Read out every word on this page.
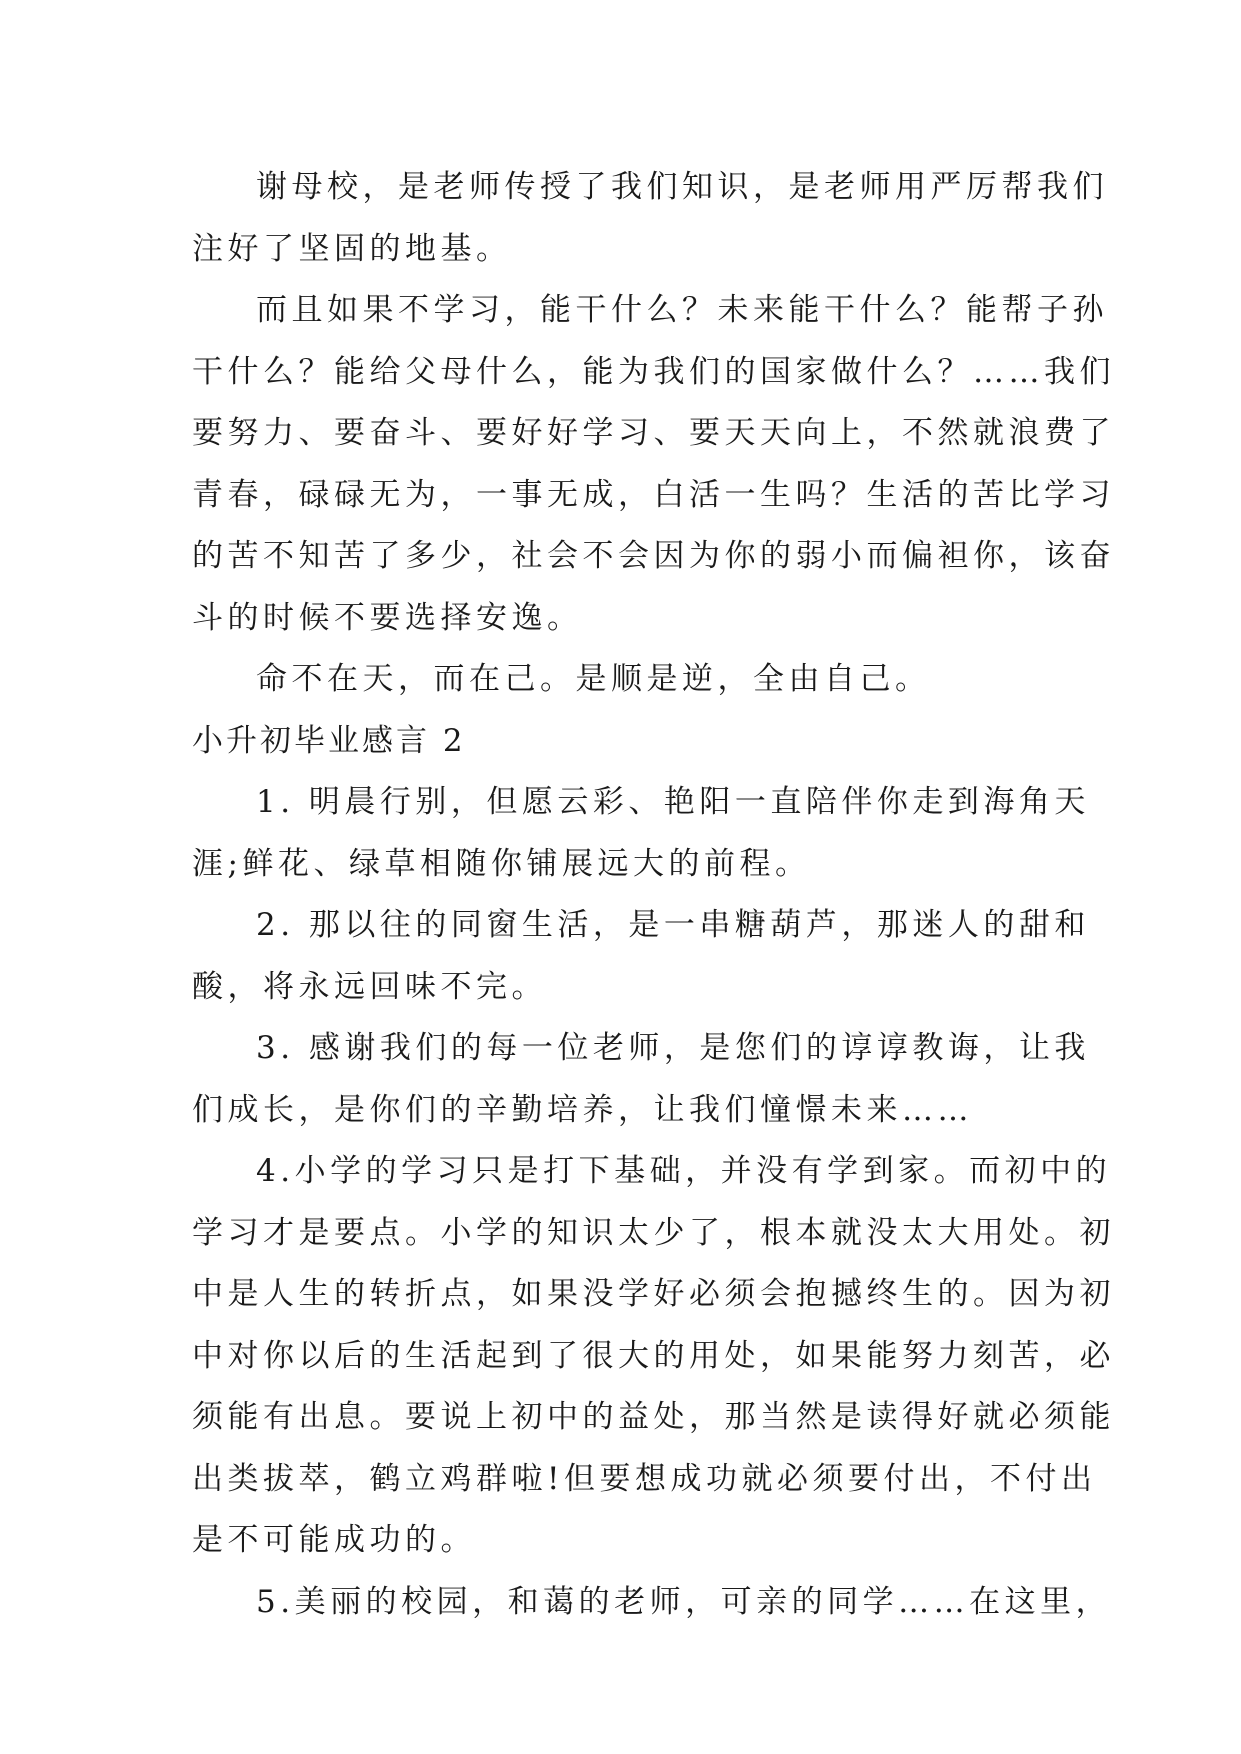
谢母校，是老师传授了我们知识，是老师用严厉帮我们
注好了坚固的地基。
而且如果不学习，能干什么？未来能干什么？能帮子孙
干什么？能给父母什么，能为我们的国家做什么？……我们
要努力、要奋斗、要好好学习、要天天向上，不然就浪费了
青春，碌碌无为，一事无成，白活一生吗？生活的苦比学习
的苦不知苦了多少，社会不会因为你的弱小而偏袒你，该奋
斗的时候不要选择安逸。
命不在天，而在己。是顺是逆，全由自己。
小升初毕业感言 2
1. 明晨行别，但愿云彩、艳阳一直陪伴你走到海角天
涯;鲜花、绿草相随你铺展远大的前程。
2. 那以往的同窗生活，是一串糖葫芦，那迷人的甜和
酸，将永远回味不完。
3. 感谢我们的每一位老师，是您们的谆谆教诲，让我
们成长，是你们的辛勤培养，让我们憧憬未来……
4.小学的学习只是打下基础，并没有学到家。而初中的
学习才是要点。小学的知识太少了，根本就没太大用处。初
中是人生的转折点，如果没学好必须会抱撼终生的。因为初
中对你以后的生活起到了很大的用处，如果能努力刻苦，必
须能有出息。要说上初中的益处，那当然是读得好就必须能
出类拔萃，鹤立鸡群啦!但要想成功就必须要付出，不付出
是不可能成功的。
5.美丽的校园，和蔼的老师，可亲的同学……在这里，
